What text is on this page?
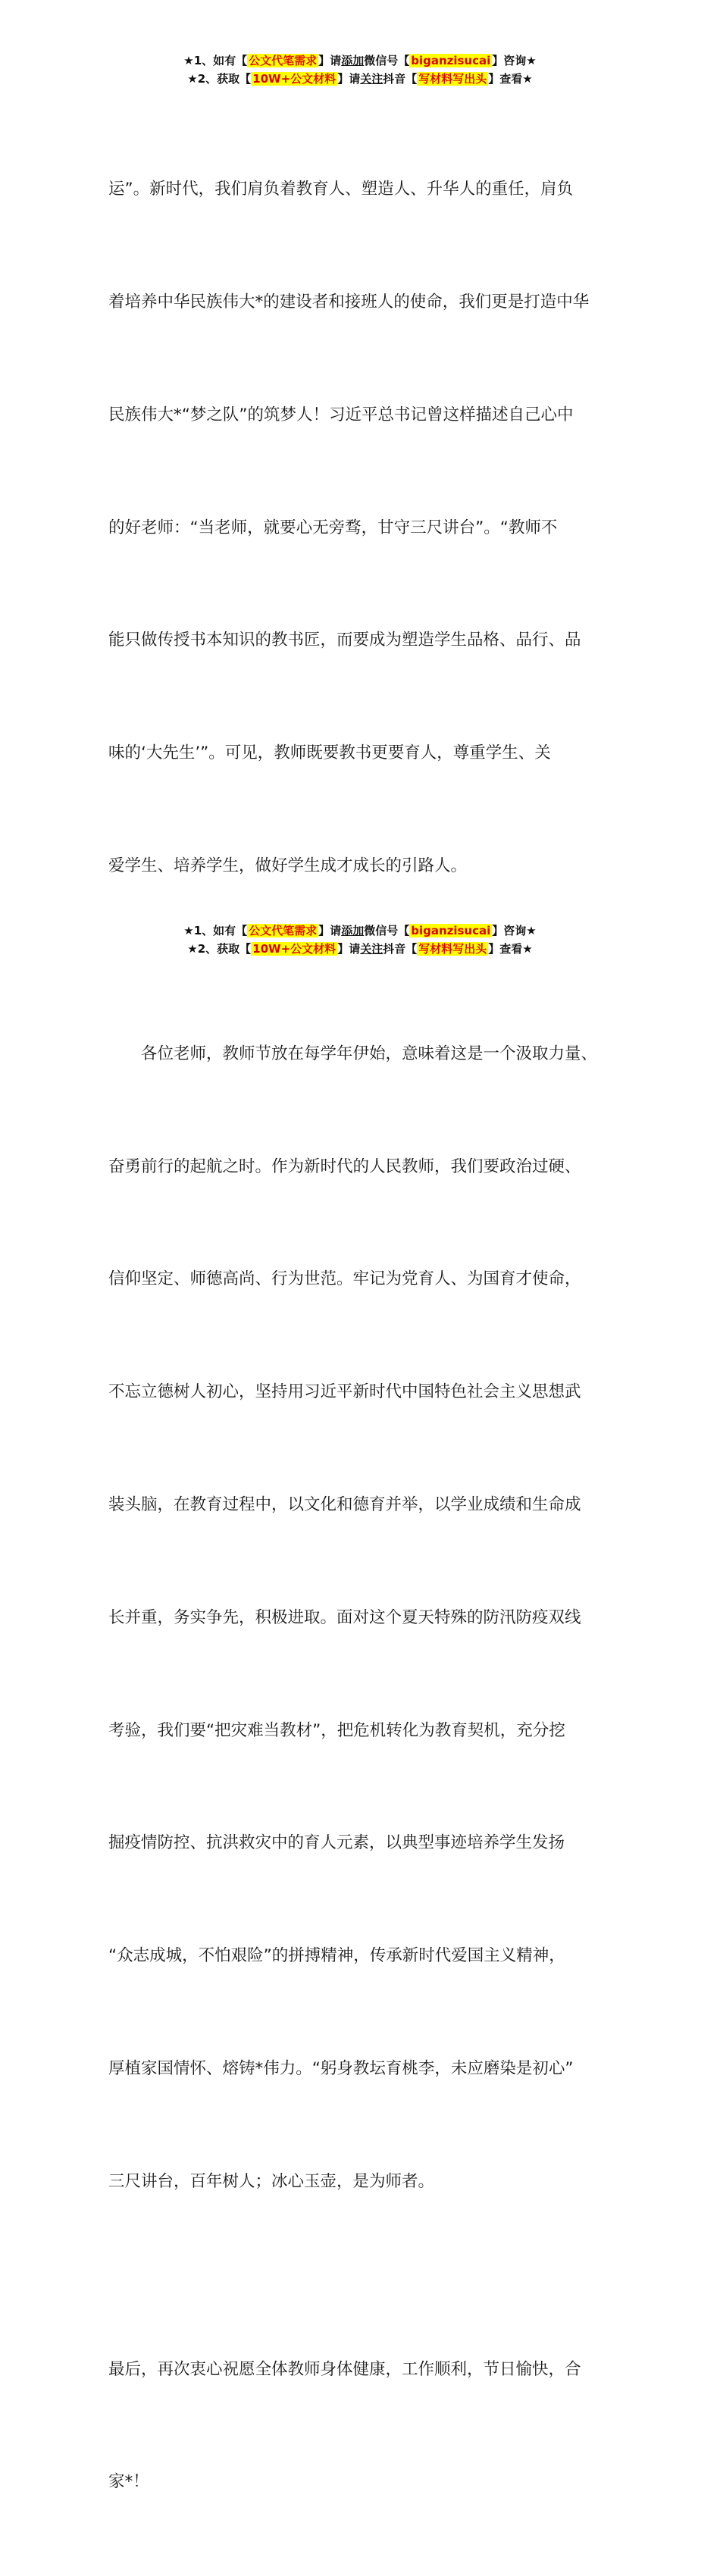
★1、如有【 公文代笔需求 】请添加微信号【 biganzisucai 】咨询★
★2、获取【 10W+公文材料 】请关注抖音【 写材料写出头 】查看★

运”。新时代，我们肩负着教育人、塑造人、升华人的重任，肩负

着培养中华民族伟大*的建设者和接班人的使命，我们更是打造中华

民族伟大*“梦之队”的筑梦人！习近平总书记曾这样描述自己心中

的好老师：“当老师，就要心无旁骛，甘守三尺讲台”。“教师不

能只做传授书本知识的教书匠，而要成为塑造学生品格、品行、品

味的‘大先生’”。可见，教师既要教书更要育人，尊重学生、关

爱学生、培养学生，做好学生成才成长的引路人。

各位老师，教师节放在每学年伊始，意味着这是一个汲取力量、

奋勇前行的起航之时。作为新时代的人民教师，我们要政治过硬、

信仰坚定、师德高尚、行为世范。牢记为党育人、为国育才使命，

不忘立德树人初心，坚持用习近平新时代中国特色社会主义思想武

装头脑，在教育过程中，以文化和德育并举，以学业成绩和生命成

长并重，务实争先，积极进取。面对这个夏天特殊的防汛防疫双线

考验，我们要“把灾难当教材”，把危机转化为教育契机，充分挖

掘疫情防控、抗洪救灾中的育人元素，以典型事迹培养学生发扬

“众志成城，不怕艰险”的拼搏精神，传承新时代爱国主义精神，

厚植家国情怀、熔铸*伟力。“躬身教坛育桃李，未应磨染是初心”

三尺讲台，百年树人；冰心玉壶，是为师者。

最后，再次衷心祝愿全体教师身体健康，工作顺利，节日愉快，合

家*！

★1、如有【 公文代笔需求 】请添加微信号【 biganzisucai 】咨询★
★2、获取【 10W+公文材料 】请关注抖音【 写材料写出头 】查看★
